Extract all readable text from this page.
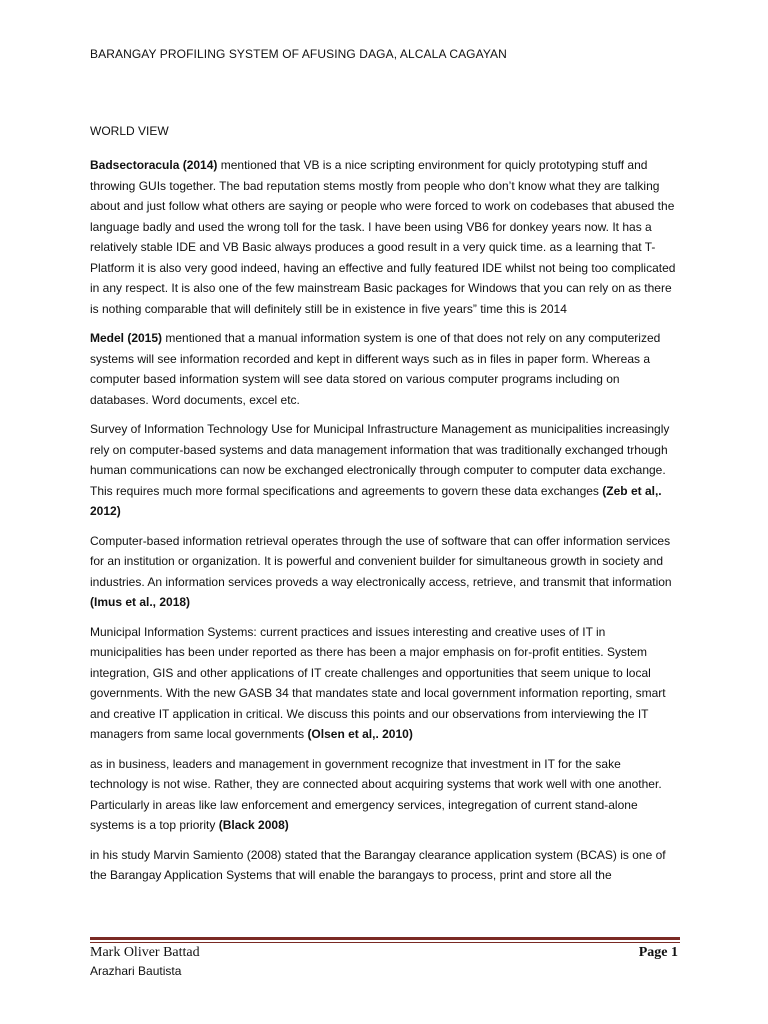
BARANGAY PROFILING SYSTEM OF AFUSING DAGA, ALCALA CAGAYAN
WORLD VIEW

Badsectoracula (2014) mentioned that VB is a nice scripting environment for quicly prototyping stuff and throwing GUIs together. The bad reputation stems mostly from people who don’t know what they are talking about and just follow what others are saying or people who were forced to work on codebases that abused the language badly and used the wrong toll for the task. I have been using VB6 for donkey years now. It has a relatively stable IDE and VB Basic always produces a good result in a very quick time. as a learning that T-Platform it is also very good indeed, having an effective and fully featured IDE whilst not being too complicated in any respect. It is also one of the few mainstream Basic packages for Windows that you can rely on as there is nothing comparable that will definitely still be in existence in five years” time this is 2014

Medel (2015) mentioned that a manual information system is one of that does not rely on any computerized systems will see information recorded and kept in different ways such as in files in paper form. Whereas a computer based information system will see data stored on various computer programs including on databases. Word documents, excel etc.

Survey of Information Technology Use for Municipal Infrastructure Management as municipalities increasingly rely on computer-based systems and data management information that was traditionally exchanged trhough human communications can now be exchanged electronically through computer to computer data exchange. This requires much more formal specifications and agreements to govern these data exchanges (Zeb et al,. 2012)

Computer-based information retrieval operates through the use of software that can offer information services for an institution or organization. It is powerful and convenient builder for simultaneous growth in society and industries. An information services proveds a way electronically access, retrieve, and transmit that information (Imus et al., 2018)

Municipal Information Systems: current practices and issues interesting and creative uses of IT in municipalities has been under reported as there has been a major emphasis on for-profit entities. System integration, GIS and other applications of IT create challenges and opportunities that seem unique to local governments. With the new GASB 34 that mandates state and local government information reporting, smart and creative IT application in critical. We discuss this points and our observations from interviewing the IT managers from same local governments (Olsen et al,. 2010)

as in business, leaders and management in government recognize that investment in IT for the sake technology is not wise. Rather, they are connected about acquiring systems that work well with one another. Particularly in areas like law enforcement and emergency services, integregation of current stand-alone systems is a top priority (Black 2008)

in his study Marvin Samiento (2008) stated that the Barangay clearance application system (BCAS) is one of the Barangay Application Systems that will enable the barangays to process, print and store all the

Mark Oliver Battad
Arazhari Bautista
Page 1
